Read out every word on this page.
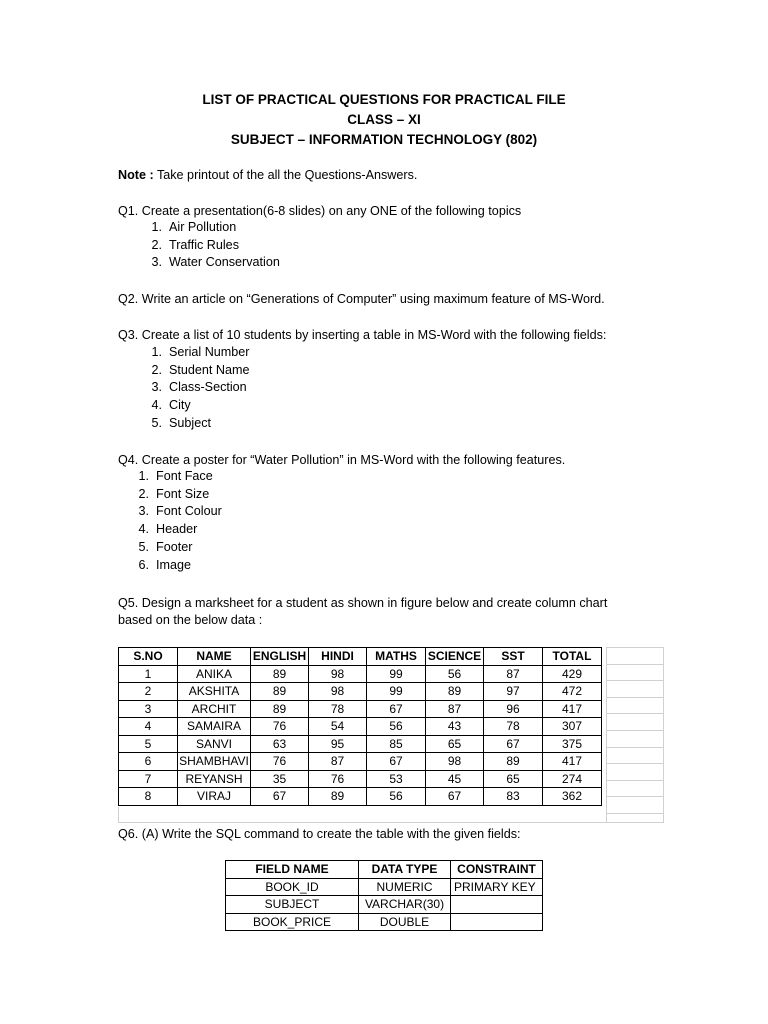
LIST OF PRACTICAL QUESTIONS FOR PRACTICAL FILE
CLASS – XI
SUBJECT – INFORMATION TECHNOLOGY (802)
Note : Take printout of the all the Questions-Answers.
Q1. Create a presentation(6-8 slides) on any ONE of the following topics
1. Air Pollution
2. Traffic Rules
3. Water Conservation
Q2. Write an article on “Generations of Computer” using maximum feature of MS-Word.
Q3. Create a list of 10 students by inserting a table in MS-Word with the following fields:
1. Serial Number
2. Student Name
3. Class-Section
4. City
5. Subject
Q4. Create a poster for “Water Pollution” in MS-Word with the following features.
1. Font Face
2. Font Size
3. Font Colour
4. Header
5. Footer
6. Image
Q5. Design a marksheet for a student as shown in figure below and create column chart
based on the below data :
S.NO	NAME	ENGLISH	HINDI	MATHS	SCIENCE	SST	TOTAL
1	ANIKA	89	98	99	56	87	429
2	AKSHITA	89	98	99	89	97	472
3	ARCHIT	89	78	67	87	96	417
4	SAMAIRA	76	54	56	43	78	307
5	SANVI	63	95	85	65	67	375
6	SHAMBHAVI	76	87	67	98	89	417
7	REYANSH	35	76	53	45	65	274
8	VIRAJ	67	89	56	67	83	362
Q6. (A) Write the SQL command to create the table with the given fields:
FIELD NAME	DATA TYPE	CONSTRAINT
BOOK_ID	NUMERIC	PRIMARY KEY
SUBJECT	VARCHAR(30)	
BOOK_PRICE	DOUBLE	
